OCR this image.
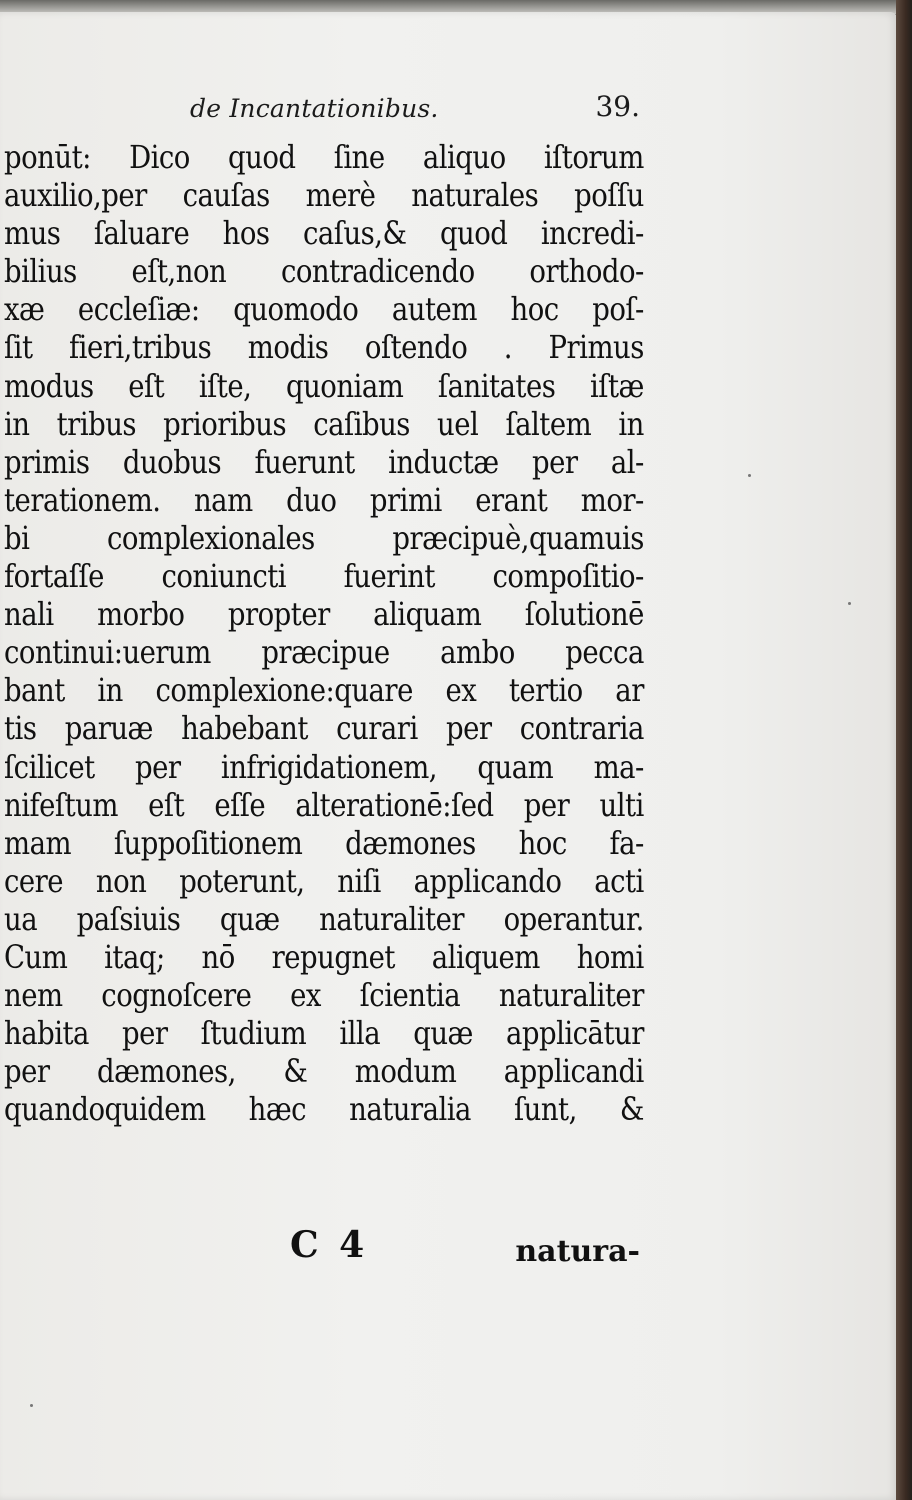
de Incantationibus.	39.
ponūt: Dico quod ſine aliquo iſtorum
auxilio,per cauſas merè naturales poſſu
mus ſaluare hos caſus,& quod incredi-
bilius eſt,non contradicendo orthodo-
xæ eccleſiæ: quomodo autem hoc poſ-
ſit fieri,tribus modis oſtendo . Primus
modus eſt iſte, quoniam ſanitates iſtæ
in tribus prioribus caſibus uel ſaltem in
primis duobus fuerunt inductæ per al-
terationem. nam duo primi erant mor-
bi complexionales præcipuè,quamuis
fortaſſe coniuncti fuerint compoſitio-
nali morbo propter aliquam ſolutionē
continui:uerum præcipue ambo pecca
bant in complexione:quare ex tertio ar
tis paruæ habebant curari per contraria
ſcilicet per infrigidationem, quam ma-
nifeſtum eſt eſſe alterationē:ſed per ulti
mam ſuppoſitionem dæmones hoc fa-
cere non poterunt, niſi applicando acti
ua paſsiuis quæ naturaliter operantur.
Cum itaq; nō repugnet aliquem homi
nem cognoſcere ex ſcientia naturaliter
habita per ſtudium illa quæ applicātur
per dæmones, & modum applicandi
quandoquidem hæc naturalia ſunt, &
C 4	natura-
